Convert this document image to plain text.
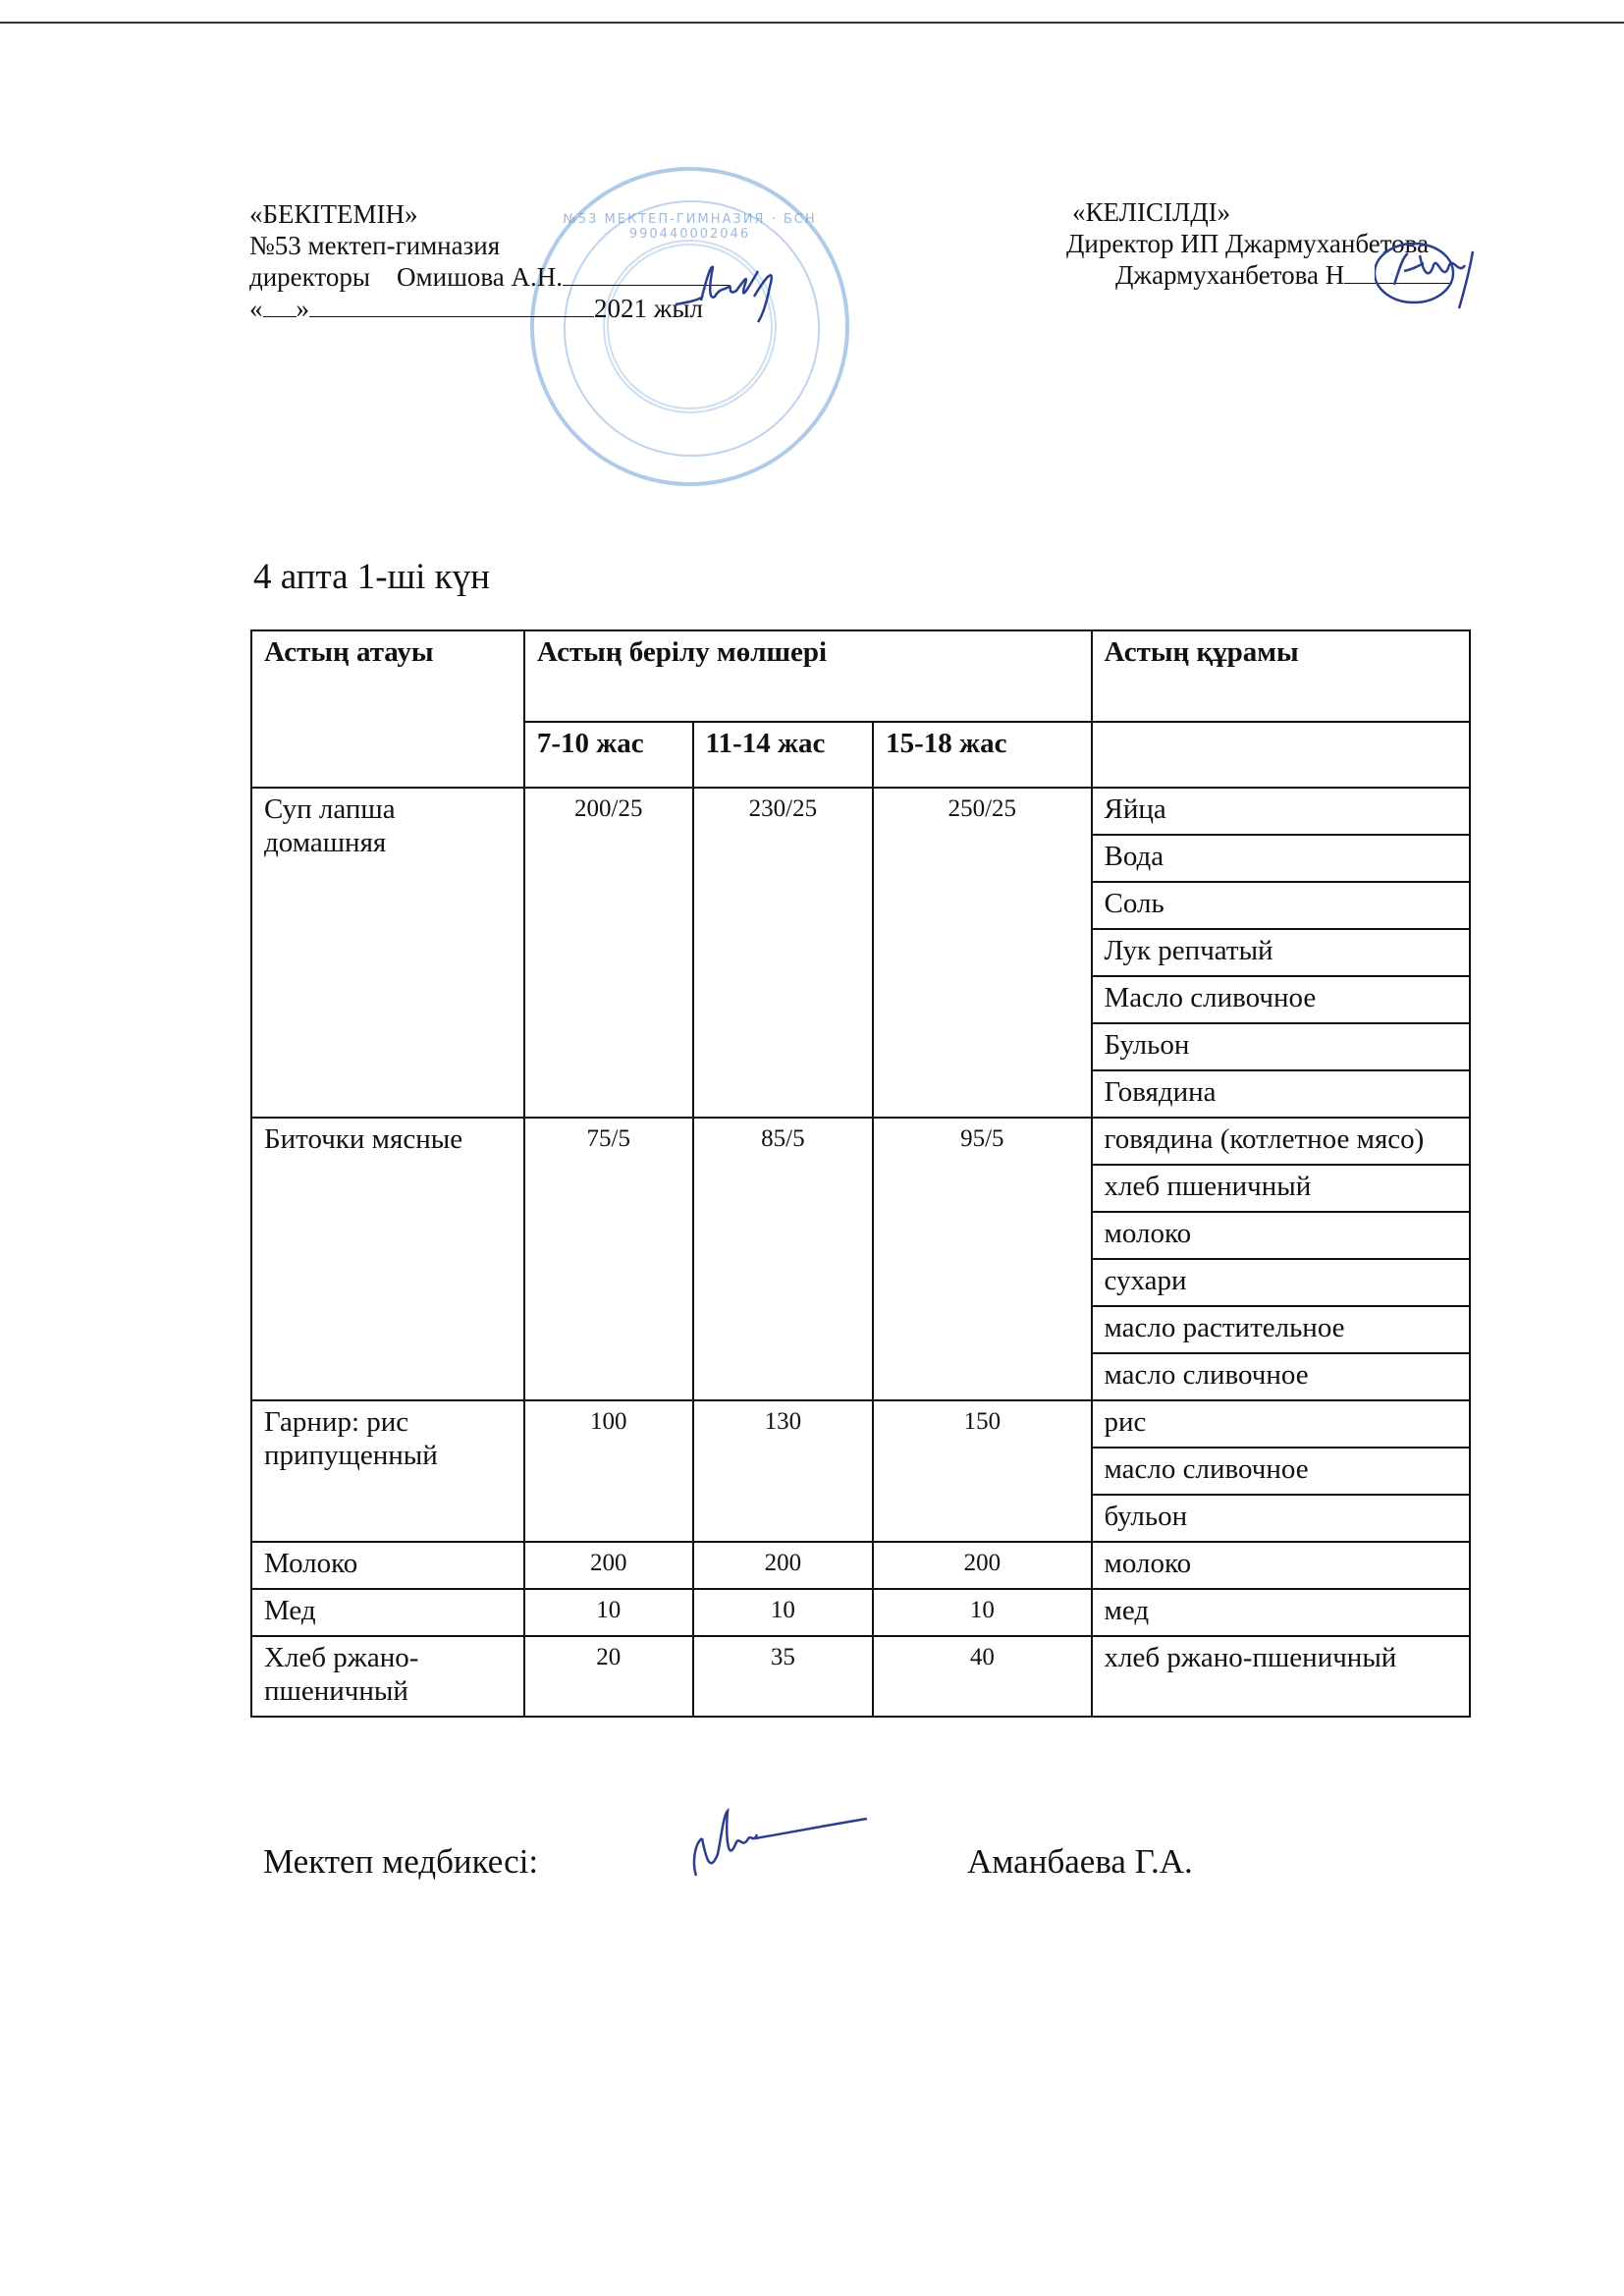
№53 МЕКТЕП-ГИМНАЗИЯ · БСН 990440002046
«БЕКІТЕМІН»
№53 мектеп-гимназия
директоры Омишова А.Н.
« »	2021 жыл
«КЕЛІСІЛДІ»
Директор ИП Джармуханбетова
Джармуханбетова Н
4 апта 1-ші күн
Астың атауы	Астың берілу мөлшері			Астың құрамы
	7-10 жас	11-14 жас	15-18 жас	
Суп лапша домашняя	200/25	230/25	250/25	Яйца
				Вода
				Соль
				Лук репчатый
				Масло сливочное
				Бульон
				Говядина
Биточки мясные	75/5	85/5	95/5	говядина (котлетное мясо)
				хлеб пшеничный
				молоко
				сухари
				масло растительное
				масло сливочное
Гарнир: рис припущенный	100	130	150	рис
				масло сливочное
				бульон
Молоко	200	200	200	молоко
Мед	10	10	10	мед
Хлеб ржано-пшеничный	20	35	40	хлеб ржано-пшеничный
Мектеп медбикесі:	Аманбаева Г.А.
